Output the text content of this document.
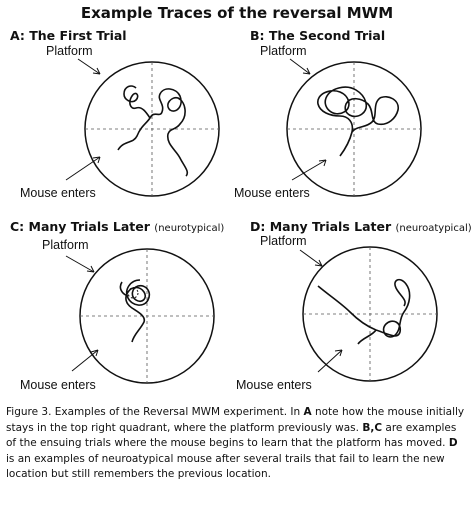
Example Traces of the reversal MWM
A: The First Trial
Platform
Mouse enters
B: The Second Trial
Platform
Mouse enters
C: Many Trials Later (neurotypical)
Platform
Mouse enters
D: Many Trials Later (neuroatypical)
Platform
Mouse enters
Figure 3. Examples of the Reversal MWM experiment. In A note how the mouse initially stays in the top right quadrant, where the platform previously was. B,C are examples of the ensuing trials where the mouse begins to learn that the platform has moved. D is an examples of neuroatypical mouse after several trails that fail to learn the new location but still remembers the previous location.
